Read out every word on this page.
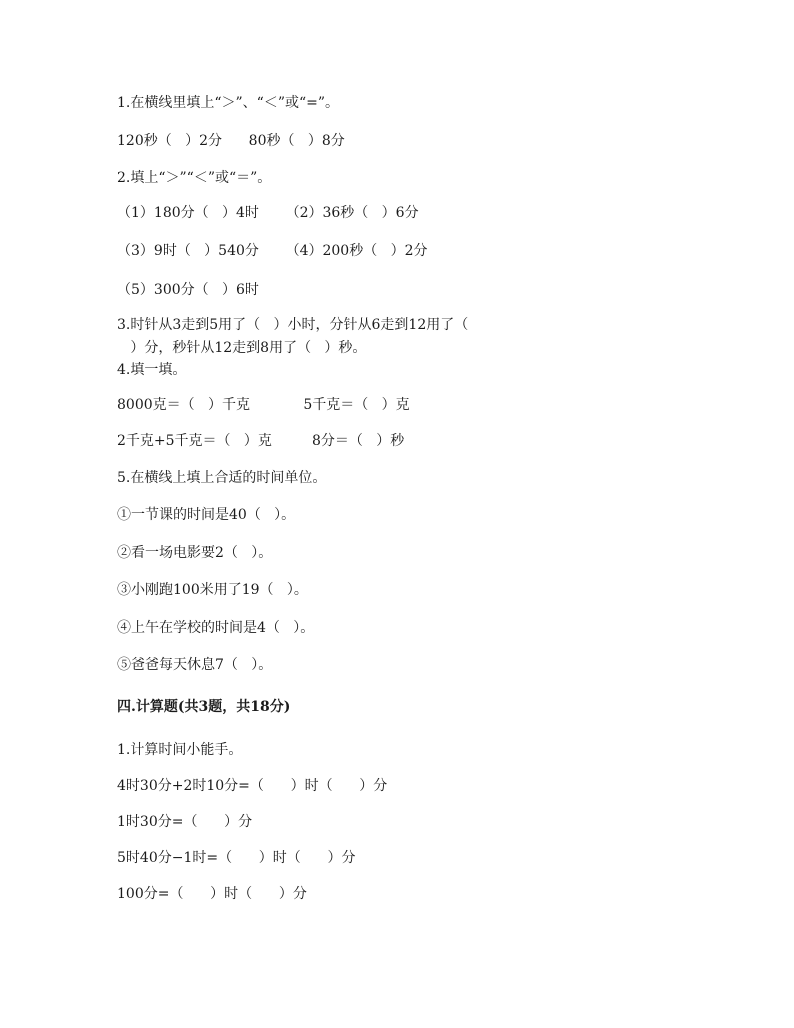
1.在横线里填上“＞”、“＜”或“=”。
120秒（   ）2分      80秒（   ）8分
2.填上“＞”“＜”或“＝”。
（1）180分（   ）4时      （2）36秒（   ）6分
（3）9时（   ）540分      （4）200秒（   ）2分
（5）300分（   ）6时
3.时针从3走到5用了（   ）小时，分针从6走到12用了（
）分，秒针从12走到8用了（   ）秒。
4.填一填。
8000克＝（   ）千克            5千克＝（   ）克
2千克+5千克＝（   ）克         8分＝（   ）秒
5.在横线上填上合适的时间单位。
①一节课的时间是40（   ）。
②看一场电影要2（   ）。
③小刚跑100米用了19（   ）。
④上午在学校的时间是4（   ）。
⑤爸爸每天休息7（   ）。
四.计算题(共3题，共18分)
1.计算时间小能手。
4时30分+2时10分=（      ）时（      ）分
1时30分=（      ）分
5时40分−1时=（      ）时（      ）分
100分=（      ）时（      ）分
